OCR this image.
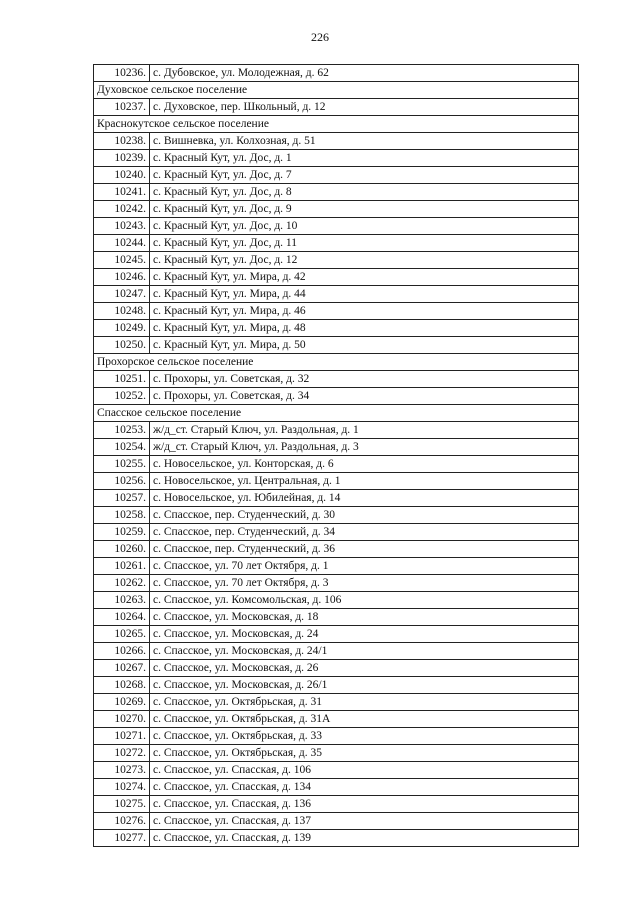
226
10236.	с. Дубовское, ул. Молодежная, д. 62
Духовское сельское поселение	
10237.	с. Духовское, пер. Школьный, д. 12
Краснокутское сельское поселение	
10238.	с. Вишневка, ул. Колхозная, д. 51
10239.	с. Красный Кут, ул. Дос, д. 1
10240.	с. Красный Кут, ул. Дос, д. 7
10241.	с. Красный Кут, ул. Дос, д. 8
10242.	с. Красный Кут, ул. Дос, д. 9
10243.	с. Красный Кут, ул. Дос, д. 10
10244.	с. Красный Кут, ул. Дос, д. 11
10245.	с. Красный Кут, ул. Дос, д. 12
10246.	с. Красный Кут, ул. Мира, д. 42
10247.	с. Красный Кут, ул. Мира, д. 44
10248.	с. Красный Кут, ул. Мира, д. 46
10249.	с. Красный Кут, ул. Мира, д. 48
10250.	с. Красный Кут, ул. Мира, д. 50
Прохорское сельское поселение	
10251.	с. Прохоры, ул. Советская, д. 32
10252.	с. Прохоры, ул. Советская, д. 34
Спасское сельское поселение	
10253.	ж/д_ст. Старый Ключ, ул. Раздольная, д. 1
10254.	ж/д_ст. Старый Ключ, ул. Раздольная, д. 3
10255.	с. Новосельское, ул. Конторская, д. 6
10256.	с. Новосельское, ул. Центральная, д. 1
10257.	с. Новосельское, ул. Юбилейная, д. 14
10258.	с. Спасское, пер. Студенческий, д. 30
10259.	с. Спасское, пер. Студенческий, д. 34
10260.	с. Спасское, пер. Студенческий, д. 36
10261.	с. Спасское, ул. 70 лет Октября, д. 1
10262.	с. Спасское, ул. 70 лет Октября, д. 3
10263.	с. Спасское, ул. Комсомольская, д. 106
10264.	с. Спасское, ул. Московская, д. 18
10265.	с. Спасское, ул. Московская, д. 24
10266.	с. Спасское, ул. Московская, д. 24/1
10267.	с. Спасское, ул. Московская, д. 26
10268.	с. Спасское, ул. Московская, д. 26/1
10269.	с. Спасское, ул. Октябрьская, д. 31
10270.	с. Спасское, ул. Октябрьская, д. 31А
10271.	с. Спасское, ул. Октябрьская, д. 33
10272.	с. Спасское, ул. Октябрьская, д. 35
10273.	с. Спасское, ул. Спасская, д. 106
10274.	с. Спасское, ул. Спасская, д. 134
10275.	с. Спасское, ул. Спасская, д. 136
10276.	с. Спасское, ул. Спасская, д. 137
10277.	с. Спасское, ул. Спасская, д. 139
